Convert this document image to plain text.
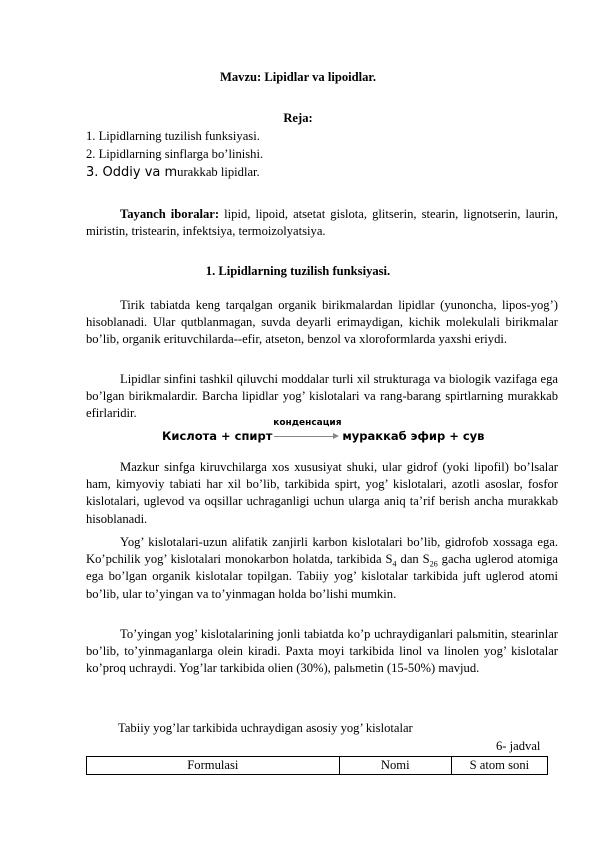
Mavzu: Lipidlar va lipoidlar.
Reja:
1. Lipidlarning tuzilish funksiyasi.
2. Lipidlarning sinflarga bo’linishi.
3. Oddiy va murakkab lipidlar.
Tayanch iboralar: lipid, lipoid, atsetat gislota, glitserin, stearin, lignotserin, laurin, miristin, tristearin, infektsiya, termoizolyatsiya.
1. Lipidlarning tuzilish funksiyasi.
Tirik tabiatda keng tarqalgan organik birikmalardan lipidlar (yunoncha, lipos-yog’) hisoblanadi. Ular qutblanmagan, suvda deyarli erimaydigan, kichik molekulali birikmalar bo’lib, organik erituvchilarda--efir, atseton, benzol va xloroformlarda yaxshi eriydi.
Lipidlar sinfini tashkil qiluvchi moddalar turli xil strukturaga va biologik vazifaga ega bo’lgan birikmalardir. Barcha lipidlar yog’ kislotalari va rang-barang spirtlarning murakkab efirlaridir.
Кислота + спирт
конденсация
мураккаб эфир + сув
Mazkur sinfga kiruvchilarga xos xususiyat shuki, ular gidrof (yoki lipofil) bo’lsalar ham, kimyoviy tabiati har xil bo’lib, tarkibida spirt, yog’ kislotalari, azotli asoslar, fosfor kislotalari, uglevod va oqsillar uchraganligi uchun ularga aniq ta’rif berish ancha murakkab hisoblanadi.
Yog’ kislotalari-uzun alifatik zanjirli karbon kislotalari bo’lib, gidrofob xossaga ega. Ko’pchilik yog’ kislotalari monokarbon holatda, tarkibida $S_4$ dan $S_{26}$ gacha uglerod atomiga ega bo’lgan organik kislotalar topilgan. Tabiiy yog’ kislotalar tarkibida juft uglerod atomi bo’lib, ular to’yingan va to’yinmagan holda bo’lishi mumkin.
To’yingan yog’ kislotalarining jonli tabiatda ko’p uchraydiganlari palьmitin, stearinlar bo’lib, to’yinmaganlarga olein kiradi. Paxta moyi tarkibida linol va linolen yog’ kislotalar ko’proq uchraydi. Yog’lar tarkibida olien (30%), palьmetin (15-50%) mavjud.
Tabiiy yog’lar tarkibida uchraydigan asosiy yog’ kislotalar
6- jadval
Formulasi	Nomi	S atom soni
